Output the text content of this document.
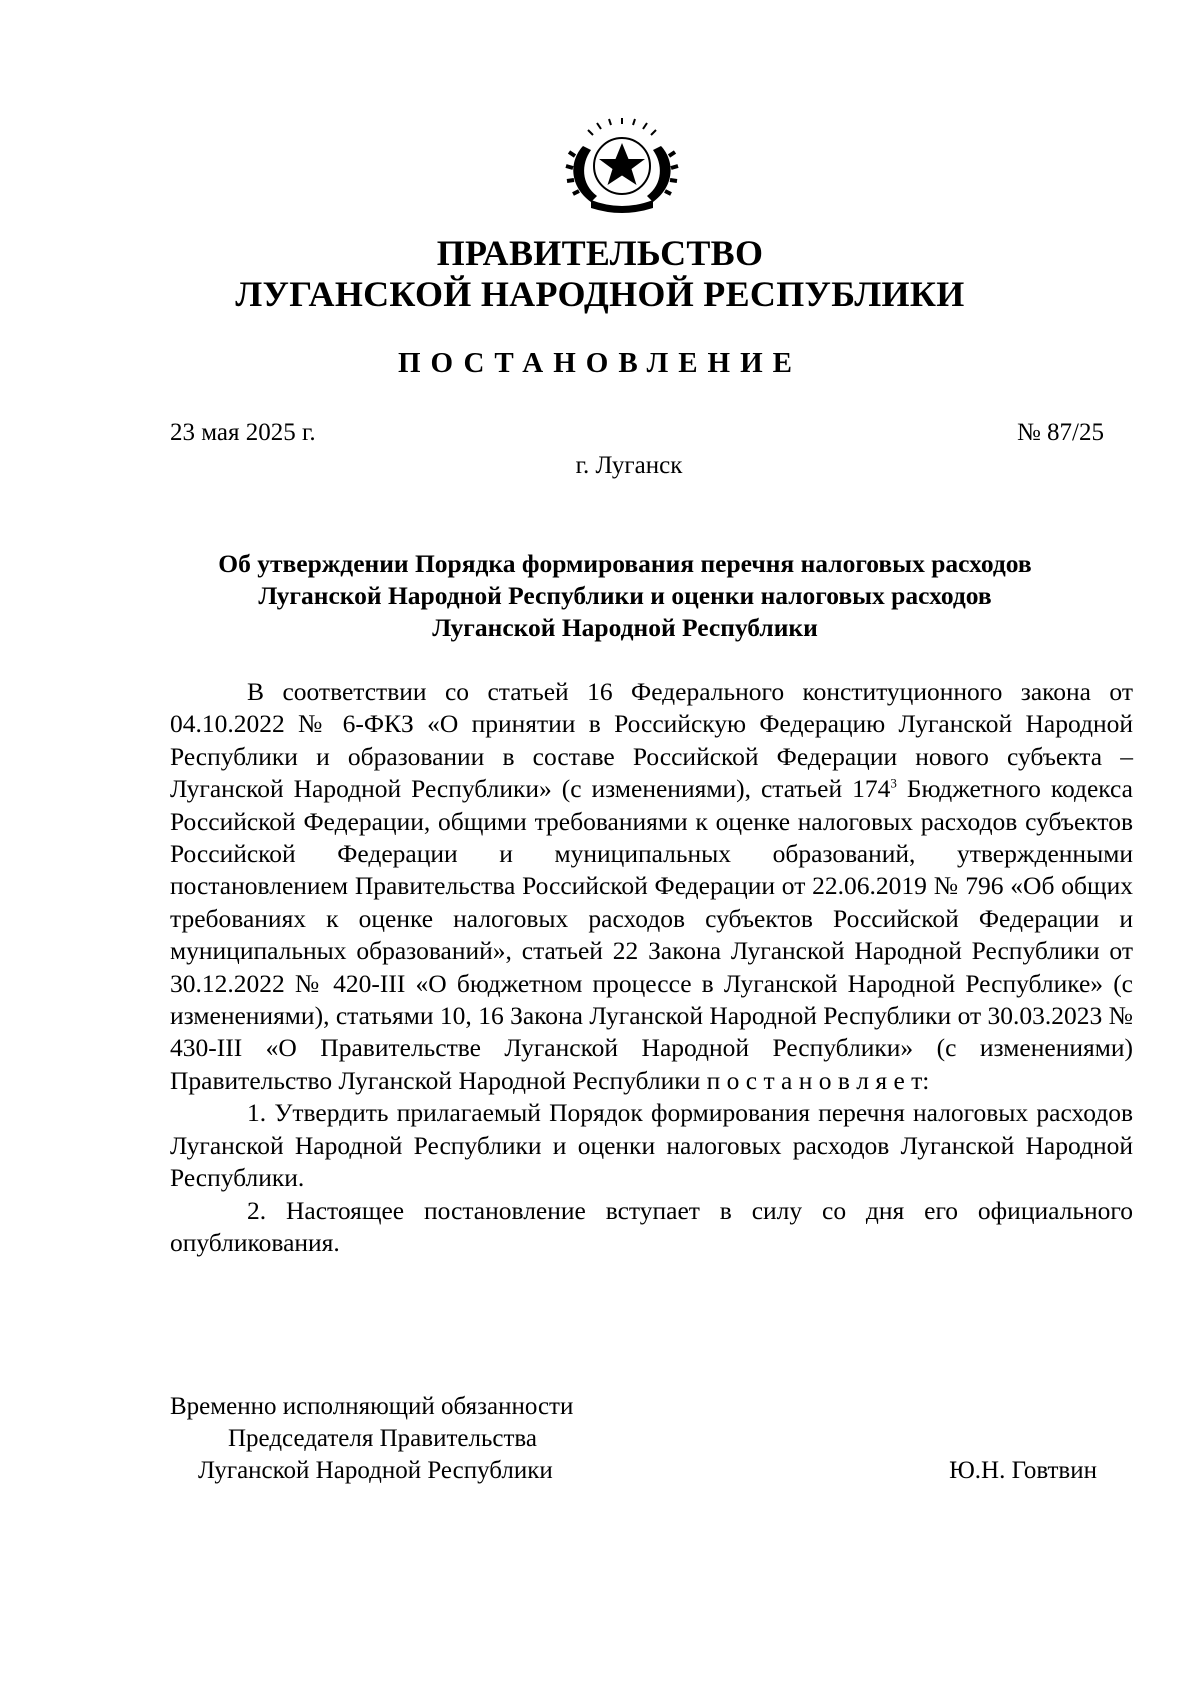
ПРАВИТЕЛЬСТВО
ЛУГАНСКОЙ НАРОДНОЙ РЕСПУБЛИКИ
ПОСТАНОВЛЕНИЕ
23 мая 2025 г.	№ 87/25
г. Луганск
Об утверждении Порядка формирования перечня налоговых расходов
Луганской Народной Республики и оценки налоговых расходов
Луганской Народной Республики

В соответствии со статьей 16 Федерального конституционного закона от 04.10.2022 № 6-ФКЗ «О принятии в Российскую Федерацию Луганской Народной Республики и образовании в составе Российской Федерации нового субъекта – Луганской Народной Республики» (с изменениями), статьей $174^3$ Бюджетного кодекса Российской Федерации, общими требованиями к оценке налоговых расходов субъектов Российской Федерации и муниципальных образований, утвержденными постановлением Правительства Российской Федерации от 22.06.2019 № 796 «Об общих требованиях к оценке налоговых расходов субъектов Российской Федерации и муниципальных образований», статьей 22 Закона Луганской Народной Республики от 30.12.2022 № 420-III «О бюджетном процессе в Луганской Народной Республике» (с изменениями), статьями 10, 16 Закона Луганской Народной Республики от 30.03.2023 № 430-III «О Правительстве Луганской Народной Республики» (с изменениями) Правительство Луганской Народной Республики п о с т а н о в л я е т:

1. Утвердить прилагаемый Порядок формирования перечня налоговых расходов Луганской Народной Республики и оценки налоговых расходов Луганской Народной Республики.

2. Настоящее постановление вступает в силу со дня его официального опубликования.

Временно исполняющий обязанности
Председателя Правительства
Луганской Народной Республики	Ю.Н. Говтвин
